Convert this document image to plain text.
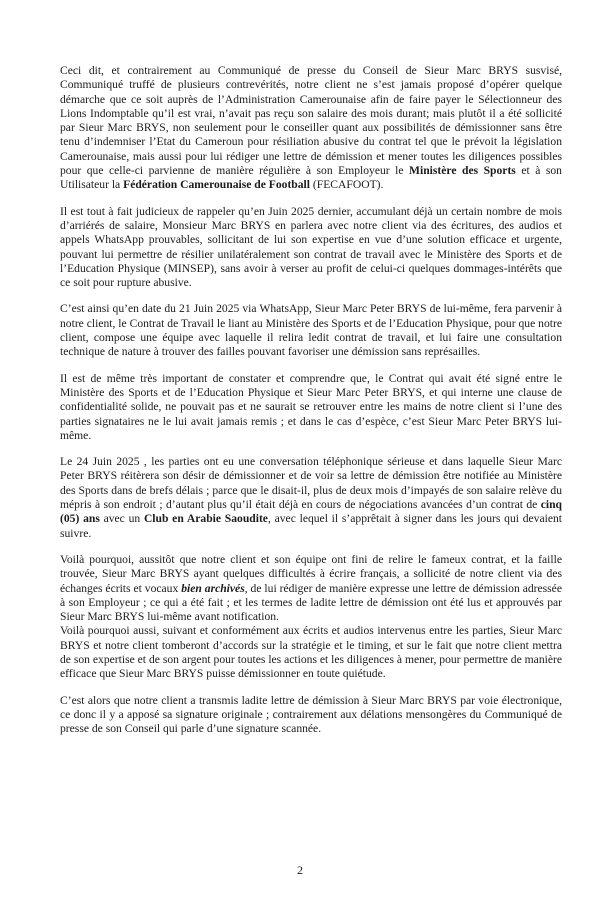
Ceci dit, et contrairement au Communiqué de presse du Conseil de Sieur Marc BRYS susvisé, Communiqué truffé de plusieurs contrevérités, notre client ne s’est jamais proposé d’opérer quelque démarche que ce soit auprès de l’Administration Camerounaise afin de faire payer le Sélectionneur des Lions Indomptable qu’il est vrai, n’avait pas reçu son salaire des mois durant; mais plutôt il a été sollicité par Sieur Marc BRYS, non seulement pour le conseiller quant aux possibilités de démissionner sans être tenu d’indemniser l’Etat du Cameroun pour résiliation abusive du contrat tel que le prévoit la législation Camerounaise, mais aussi pour lui rédiger une lettre de démission et mener toutes les diligences possibles pour que celle-ci parvienne de manière régulière à son Employeur le Ministère des Sports et à son Utilisateur la Fédération Camerounaise de Football (FECAFOOT).

Il est tout à fait judicieux de rappeler qu’en Juin 2025 dernier, accumulant déjà un certain nombre de mois d’arriérés de salaire, Monsieur Marc BRYS en parlera avec notre client via des écritures, des audios et appels WhatsApp prouvables, sollicitant de lui son expertise en vue d’une solution efficace et urgente, pouvant lui permettre de résilier unilatéralement son contrat de travail avec le Ministère des Sports et de l’Education Physique (MINSEP), sans avoir à verser au profit de celui-ci quelques dommages-intérêts que ce soit pour rupture abusive.

C’est ainsi qu’en date du 21 Juin 2025 via WhatsApp, Sieur Marc Peter BRYS de lui-même, fera parvenir à notre client, le Contrat de Travail le liant au Ministère des Sports et de l’Education Physique, pour que notre client, compose une équipe avec laquelle il relira ledit contrat de travail, et lui faire une consultation technique de nature à trouver des failles pouvant favoriser une démission sans représailles.

Il est de même très important de constater et comprendre que, le Contrat qui avait été signé entre le Ministère des Sports et de l’Education Physique et Sieur Marc Peter BRYS, et qui interne une clause de confidentialité solide, ne pouvait pas et ne saurait se retrouver entre les mains de notre client si l’une des parties signataires ne le lui avait jamais remis ; et dans le cas d’espèce, c’est Sieur Marc Peter BRYS lui-même.

Le 24 Juin 2025 , les parties ont eu une conversation téléphonique sérieuse et dans laquelle Sieur Marc Peter BRYS réitèrera son désir de démissionner et de voir sa lettre de démission être notifiée au Ministère des Sports dans de brefs délais ; parce que le disait-il, plus de deux mois d’impayés de son salaire relève du mépris à son endroit ; d’autant plus qu’il était déjà en cours de négociations avancées d’un contrat de cinq (05) ans avec un Club en Arabie Saoudite, avec lequel il s’apprêtait à signer dans les jours qui devaient suivre.

Voilà pourquoi, aussitôt que notre client et son équipe ont fini de relire le fameux contrat, et la faille trouvée, Sieur Marc BRYS ayant quelques difficultés à écrire français, a sollicité de notre client via des échanges écrits et vocaux bien archivés, de lui rédiger de manière expresse une lettre de démission adressée à son Employeur ; ce qui a été fait ; et les termes de ladite lettre de démission ont été lus et approuvés par Sieur Marc BRYS lui-même avant notification.

Voilà pourquoi aussi, suivant et conformément aux écrits et audios intervenus entre les parties, Sieur Marc BRYS et notre client tomberont d’accords sur la stratégie et le timing, et sur le fait que notre client mettra de son expertise et de son argent pour toutes les actions et les diligences à mener, pour permettre de manière efficace que Sieur Marc BRYS puisse démissionner en toute quiétude.

C’est alors que notre client a transmis ladite lettre de démission à Sieur Marc BRYS par voie électronique, ce donc il y a apposé sa signature originale ; contrairement aux délations mensongères du Communiqué de presse de son Conseil qui parle d’une signature scannée.

2
